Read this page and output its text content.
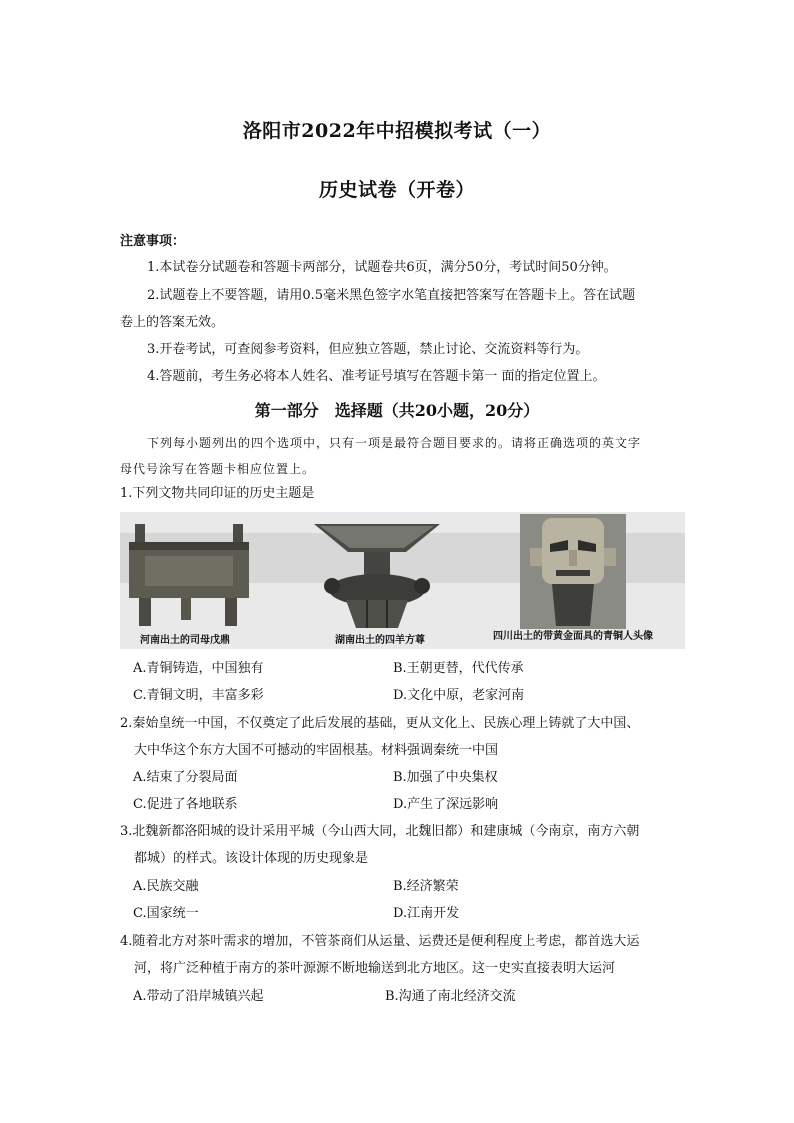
洛阳市2022年中招模拟考试（一）
历史试卷（开卷）
注意事项：
1.本试卷分试题卷和答题卡两部分，试题卷共6页，满分50分，考试时间50分钟。
2.试题卷上不要答题，请用0.5毫米黑色签字水笔直接把答案写在答题卡上。答在试题
卷上的答案无效。
3.开卷考试，可查阅参考资料，但应独立答题，禁止讨论、交流资料等行为。
4.答题前，考生务必将本人姓名、准考证号填写在答题卡第一 面的指定位置上。
第一部分　选择题（共20小题，20分）
下列每小题列出的四个选项中，只有一项是最符合题目要求的。请将正确选项的英文字
母代号涂写在答题卡相应位置上。
1.下列文物共同印证的历史主题是
河南出土的司母戊鼎	湖南出土的四羊方尊	四川出土的带黄金面具的青铜人头像
A.青铜铸造，中国独有	B.王朝更替，代代传承
C.青铜文明，丰富多彩	D.文化中原，老家河南
2.秦始皇统一中国，不仅奠定了此后发展的基础，更从文化上、民族心理上铸就了大中国、
大中华这个东方大国不可撼动的牢固根基。材料强调秦统一中国
A.结束了分裂局面	B.加强了中央集权
C.促进了各地联系	D.产生了深远影响
3.北魏新都洛阳城的设计采用平城（今山西大同，北魏旧都）和建康城（今南京，南方六朝
都城）的样式。该设计体现的历史现象是
A.民族交融	B.经济繁荣
C.国家统一	D.江南开发
4.随着北方对茶叶需求的增加，不管茶商们从运量、运费还是便利程度上考虑，都首选大运
河，将广泛种植于南方的茶叶源源不断地输送到北方地区。这一史实直接表明大运河
A.带动了沿岸城镇兴起	B.沟通了南北经济交流
